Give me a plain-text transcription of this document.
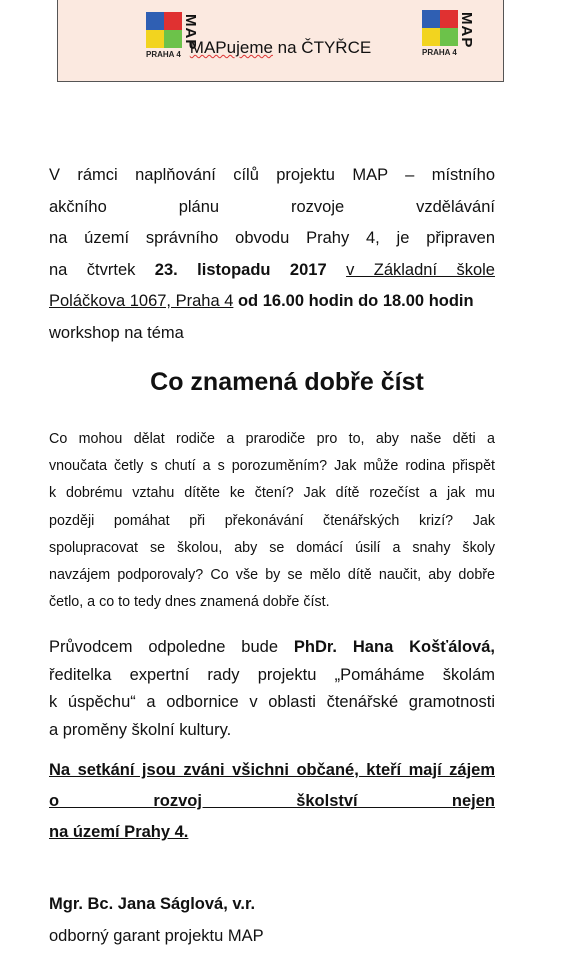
MAP
PRAHA 4
MAP
PRAHA 4
MAPujeme na ČTYŘCE
V rámci naplňování cílů projektu MAP – místního
akčního plánu rozvoje vzdělávání
na území správního obvodu Prahy 4, je připraven
na čtvrtek 23. listopadu 2017 v Základní škole
Poláčkova 1067, Praha 4 od 16.00 hodin do 18.00 hodin
workshop na téma
Co znamená dobře číst
Co mohou dělat rodiče a prarodiče pro to, aby naše děti a
vnoučata četly s chutí a s porozuměním? Jak může rodina přispět
k dobrému vztahu dítěte ke čtení? Jak dítě rozečíst a jak mu
později pomáhat při překonávání čtenářských krizí? Jak
spolupracovat se školou, aby se domácí úsilí a snahy školy
navzájem podporovaly? Co vše by se mělo dítě naučit, aby dobře
četlo, a co to tedy dnes znamená dobře číst.
Průvodcem odpoledne bude PhDr. Hana Košťálová,
ředitelka expertní rady projektu „Pomáháme školám
k úspěchu“ a odbornice v oblasti čtenářské gramotnosti
a proměny školní kultury.
Na setkání jsou zváni všichni občané, kteří mají zájem
o rozvoj školství nejen
na území Prahy 4.
Mgr. Bc. Jana Ságlová, v.r.
odborný garant projektu MAP
